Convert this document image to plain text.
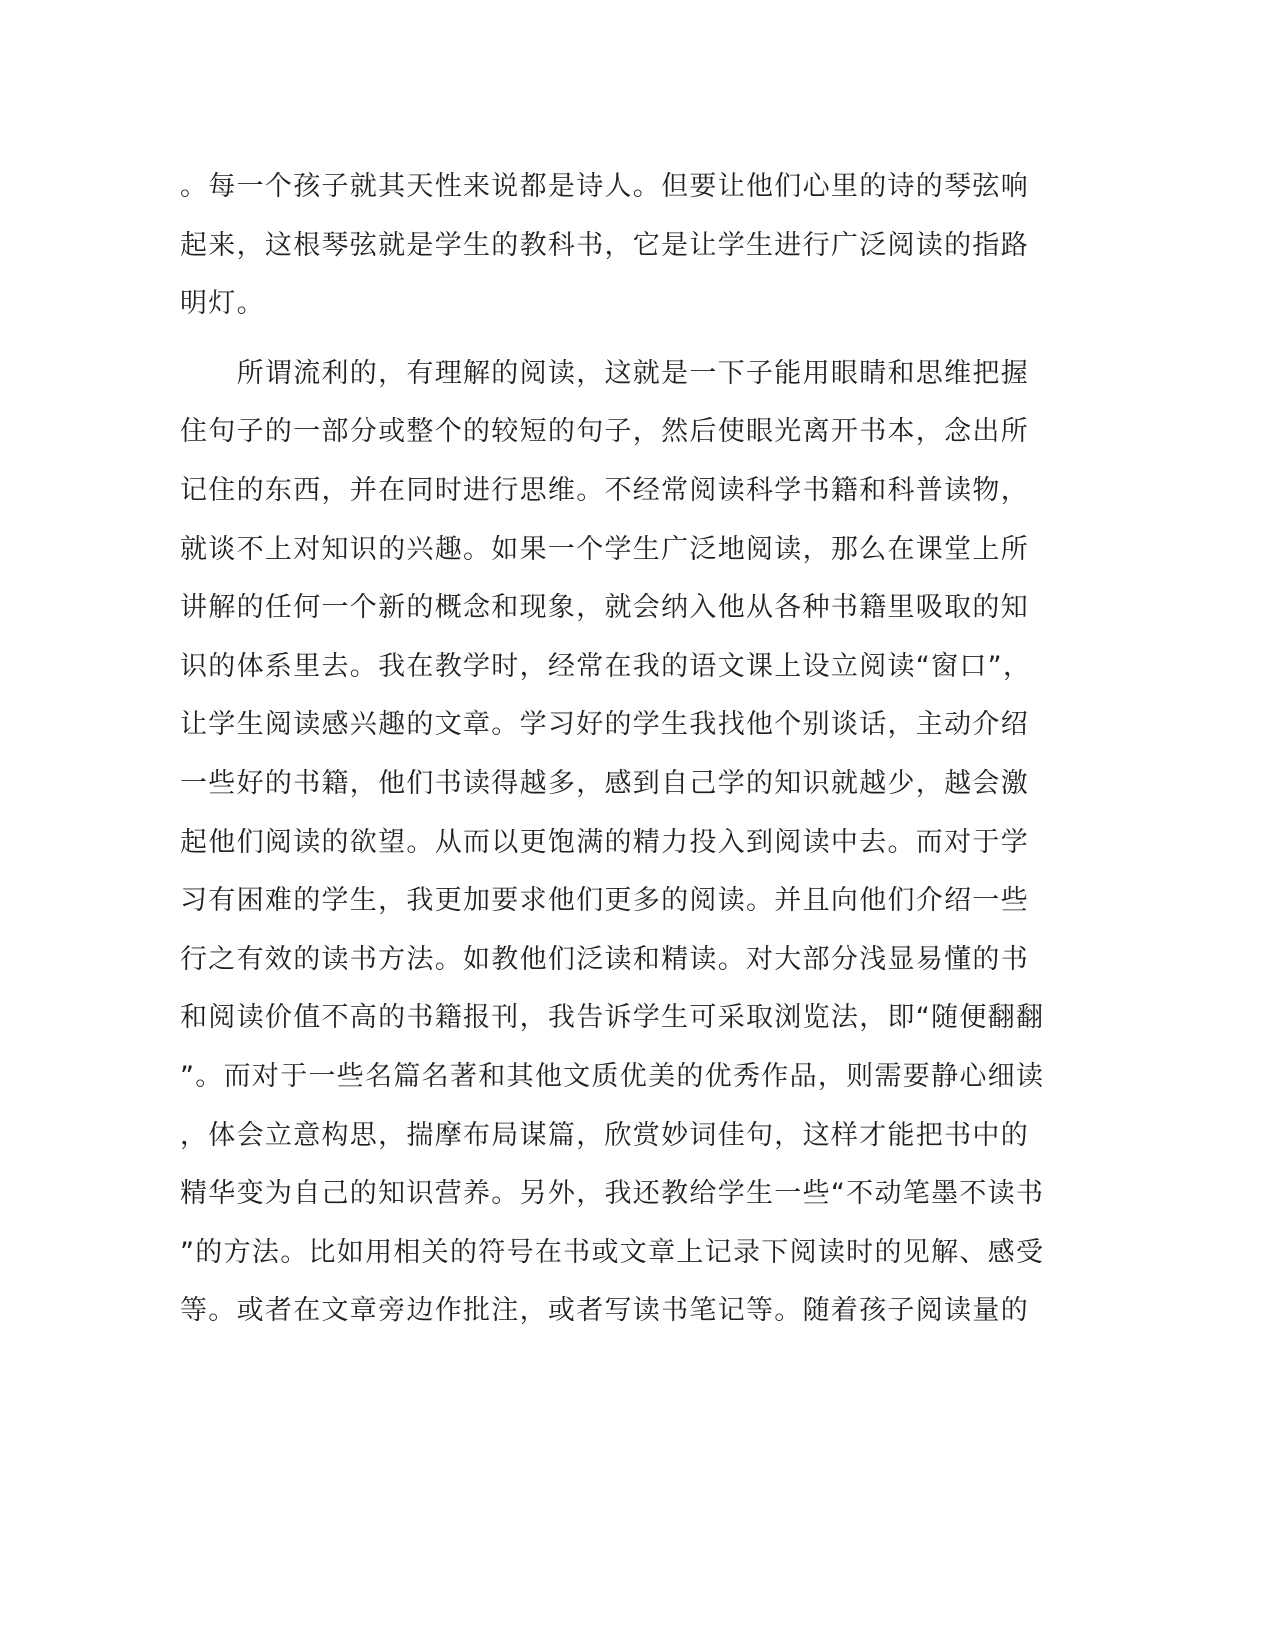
。每一个孩子就其天性来说都是诗人。但要让他们心里的诗的琴弦响
起来，这根琴弦就是学生的教科书，它是让学生进行广泛阅读的指路
明灯。
　　所谓流利的，有理解的阅读，这就是一下子能用眼睛和思维把握
住句子的一部分或整个的较短的句子，然后使眼光离开书本，念出所
记住的东西，并在同时进行思维。不经常阅读科学书籍和科普读物，
就谈不上对知识的兴趣。如果一个学生广泛地阅读，那么在课堂上所
讲解的任何一个新的概念和现象，就会纳入他从各种书籍里吸取的知
识的体系里去。我在教学时，经常在我的语文课上设立阅读“窗口”，
让学生阅读感兴趣的文章。学习好的学生我找他个别谈话，主动介绍
一些好的书籍，他们书读得越多，感到自己学的知识就越少，越会激
起他们阅读的欲望。从而以更饱满的精力投入到阅读中去。而对于学
习有困难的学生，我更加要求他们更多的阅读。并且向他们介绍一些
行之有效的读书方法。如教他们泛读和精读。对大部分浅显易懂的书
和阅读价值不高的书籍报刊，我告诉学生可采取浏览法，即“随便翻翻
”。而对于一些名篇名著和其他文质优美的优秀作品，则需要静心细读
，体会立意构思，揣摩布局谋篇，欣赏妙词佳句，这样才能把书中的
精华变为自己的知识营养。另外，我还教给学生一些“不动笔墨不读书
”的方法。比如用相关的符号在书或文章上记录下阅读时的见解、感受
等。或者在文章旁边作批注，或者写读书笔记等。随着孩子阅读量的
